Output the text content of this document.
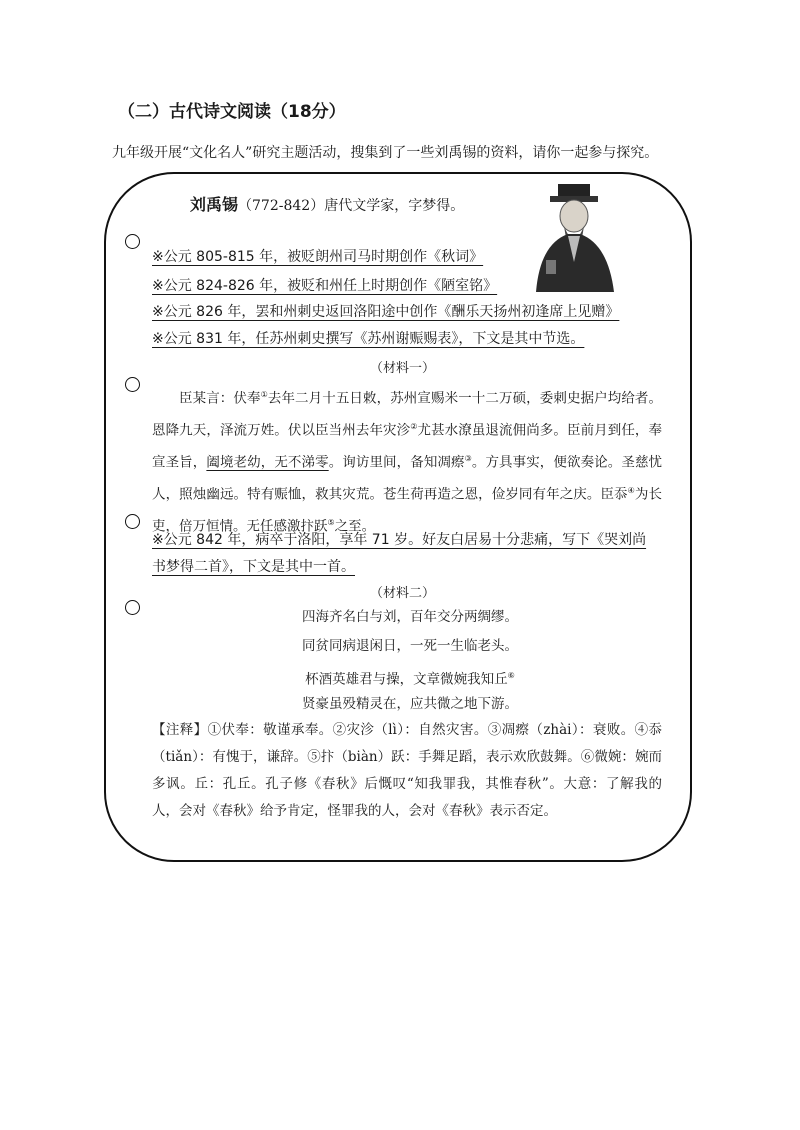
（二）古代诗文阅读（18分）
九年级开展“文化名人”研究主题活动，搜集到了一些刘禹锡的资料，请你一起参与探究。
刘禹锡（772-842）唐代文学家，字梦得。
※公元 805-815 年，被贬朗州司马时期创作《秋词》
※公元 824-826 年，被贬和州任上时期创作《陋室铭》
※公元 826 年，罢和州刺史返回洛阳途中创作《酬乐天扬州初逢席上见赠》
※公元 831 年，任苏州刺史撰写《苏州谢赈赐表》，下文是其中节选。
（材料一）

臣某言：伏奉①去年二月十五日敕，苏州宣赐米一十二万硕，委刺史据户均给者。恩降九天，泽流万姓。伏以臣当州去年灾沴②尤甚水潦虽退流佣尚多。臣前月到任，奉宣圣旨，阖境老幼，无不涕零。询访里间，备知凋瘵③。方具事实，便欲奏论。圣慈忧人，照烛幽远。特有赈恤，救其灾荒。苍生荷再造之恩，俭岁同有年之庆。臣忝④为长吏，倍万恒情。无任感激抃跃⑤之至。

※公元 842 年，病卒于洛阳，享年 71 岁。好友白居易十分悲痛，写下《哭刘尚
书梦得二首》，下文是其中一首。
（材料二）
四海齐名白与刘，百年交分两绸缪。
同贫同病退闲日，一死一生临老头。
杯酒英雄君与操，文章微婉我知丘⑥
贤豪虽殁精灵在，应共微之地下游。
【注释】①伏奉：敬谨承奉。②灾沴（lì）：自然灾害。③凋瘵（zhài）：衰败。④忝（tiǎn）：有愧于，谦辞。⑤抃（biàn）跃：手舞足蹈，表示欢欣鼓舞。⑥微婉：婉而多讽。丘：孔丘。孔子修《春秋》后慨叹“知我罪我，其惟春秋”。大意：了解我的人，会对《春秋》给予肯定，怪罪我的人，会对《春秋》表示否定。
